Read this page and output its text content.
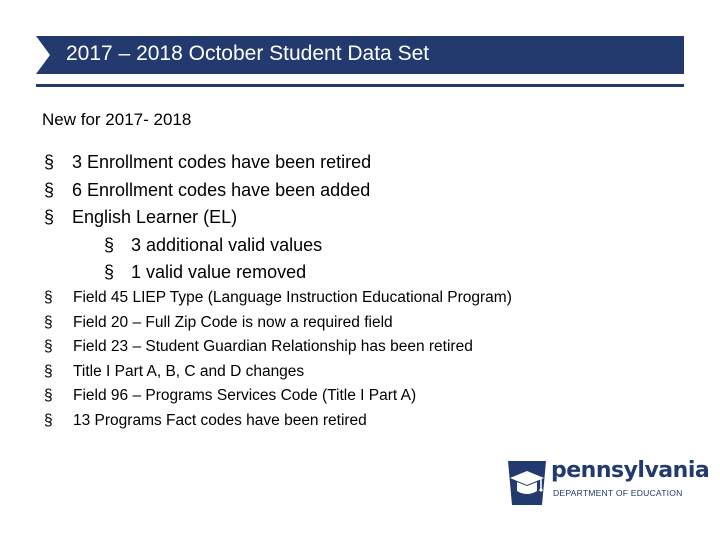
2017 – 2018 October Student Data Set
New for 2017- 2018
§ 3 Enrollment codes have been retired
§ 6 Enrollment codes have been added
§ English Learner (EL)
§ 3 additional valid values
§ 1 valid value removed
§	Field 45 LIEP Type (Language Instruction Educational Program)
§	Field 20 – Full Zip Code is now a required field
§	Field 23 – Student Guardian Relationship has been retired
§	Title I Part A, B, C and D changes
§	Field 96 – Programs Services Code (Title I Part A)
§	13 Programs Fact codes have been retired
pennsylvania
DEPARTMENT OF EDUCATION
